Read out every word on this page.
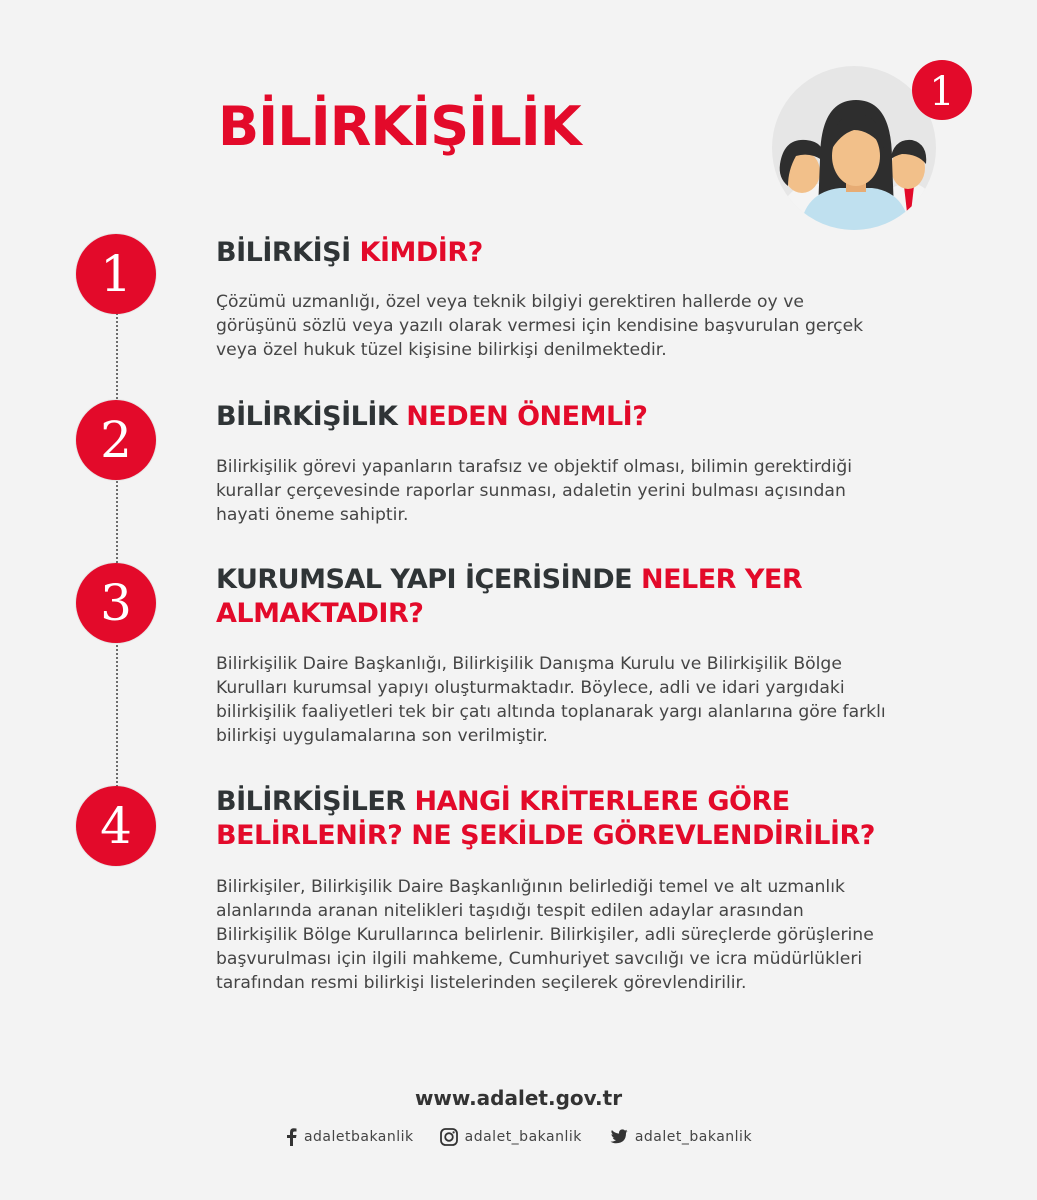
BİLİRKİŞİLİK
1
1	BİLİRKİŞİ KİMDİR?

Çözümü uzmanlığı, özel veya teknik bilgiyi gerektiren hallerde oy ve
görüşünü sözlü veya yazılı olarak vermesi için kendisine başvurulan gerçek
veya özel hukuk tüzel kişisine bilirkişi denilmektedir.

2	BİLİRKİŞİLİK NEDEN ÖNEMLİ?

Bilirkişilik görevi yapanların tarafsız ve objektif olması, bilimin gerektirdiği
kurallar çerçevesinde raporlar sunması, adaletin yerini bulması açısından
hayati öneme sahiptir.

3	KURUMSAL YAPI İÇERİSİNDE NELER YER
ALMAKTADIR?

Bilirkişilik Daire Başkanlığı, Bilirkişilik Danışma Kurulu ve Bilirkişilik Bölge
Kurulları kurumsal yapıyı oluşturmaktadır. Böylece, adli ve idari yargıdaki
bilirkişilik faaliyetleri tek bir çatı altında toplanarak yargı alanlarına göre farklı
bilirkişi uygulamalarına son verilmiştir.

4	BİLİRKİŞİLER HANGİ KRİTERLERE GÖRE
BELİRLENİR? NE ŞEKİLDE GÖREVLENDİRİLİR?

Bilirkişiler, Bilirkişilik Daire Başkanlığının belirlediği temel ve alt uzmanlık
alanlarında aranan nitelikleri taşıdığı tespit edilen adaylar arasından
Bilirkişilik Bölge Kurullarınca belirlenir. Bilirkişiler, adli süreçlerde görüşlerine
başvurulması için ilgili mahkeme, Cumhuriyet savcılığı ve icra müdürlükleri
tarafından resmi bilirkişi listelerinden seçilerek görevlendirilir.

www.adalet.gov.tr
adaletbakanlik	adalet_bakanlik	adalet_bakanlik
